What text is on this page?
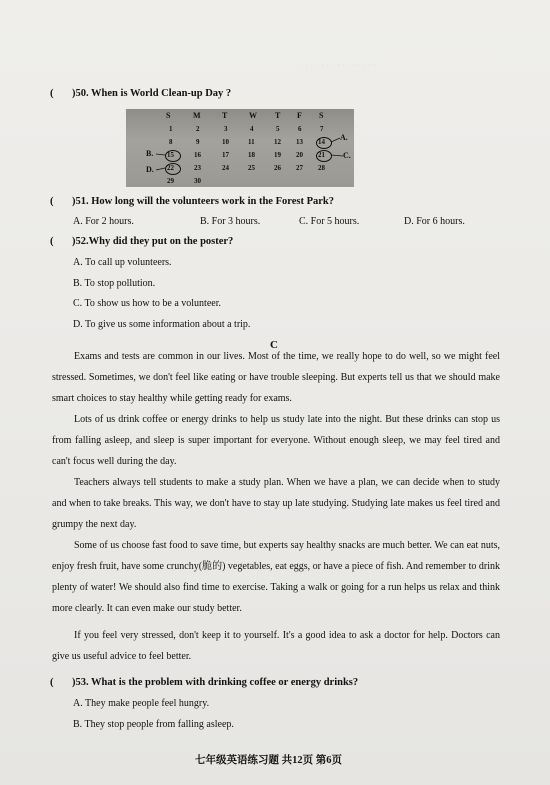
· · · · · · · · · · · · · · ·
( )50. When is World Clean-up Day ?
S	M	T	W T F S
1	2	3	4	5	6	7
8	9	10	11	12 13 14
15	16	17	18	19 20 21
22	23	24	25	26 27 28
29	30
A.
C.
B.
D.
( )51. How long will the volunteers work in the Forest Park?
A. For 2 hours.	B. For 3 hours.	C. For 5 hours.	D. For 6 hours.
( )52.Why did they put on the poster?
A. To call up volunteers.
B. To stop pollution.
C. To show us how to be a volunteer.
D. To give us some information about a trip.
C

Exams and tests are common in our lives. Most of the time, we really hope to do well, so we might feel stressed. Sometimes, we don't feel like eating or have trouble sleeping. But experts tell us that we should make smart choices to stay healthy while getting ready for exams.

Lots of us drink coffee or energy drinks to help us study late into the night. But these drinks can stop us from falling asleep, and sleep is super important for everyone. Without enough sleep, we may feel tired and can't focus well during the day.

Teachers always tell students to make a study plan. When we have a plan, we can decide when to study and when to take breaks. This way, we don't have to stay up late studying. Studying late makes us feel tired and grumpy the next day.

Some of us choose fast food to save time, but experts say healthy snacks are much better. We can eat nuts, enjoy fresh fruit, have some crunchy(脆的) vegetables, eat eggs, or have a piece of fish. And remember to drink plenty of water! We should also find time to exercise. Taking a walk or going for a run helps us relax and think more clearly. It can even make our study better.

If you feel very stressed, don't keep it to yourself. It's a good idea to ask a doctor for help. Doctors can give us useful advice to feel better.

( )53. What is the problem with drinking coffee or energy drinks?
A. They make people feel hungry.
B. They stop people from falling asleep.
七年级英语练习题 共12页 第6页
